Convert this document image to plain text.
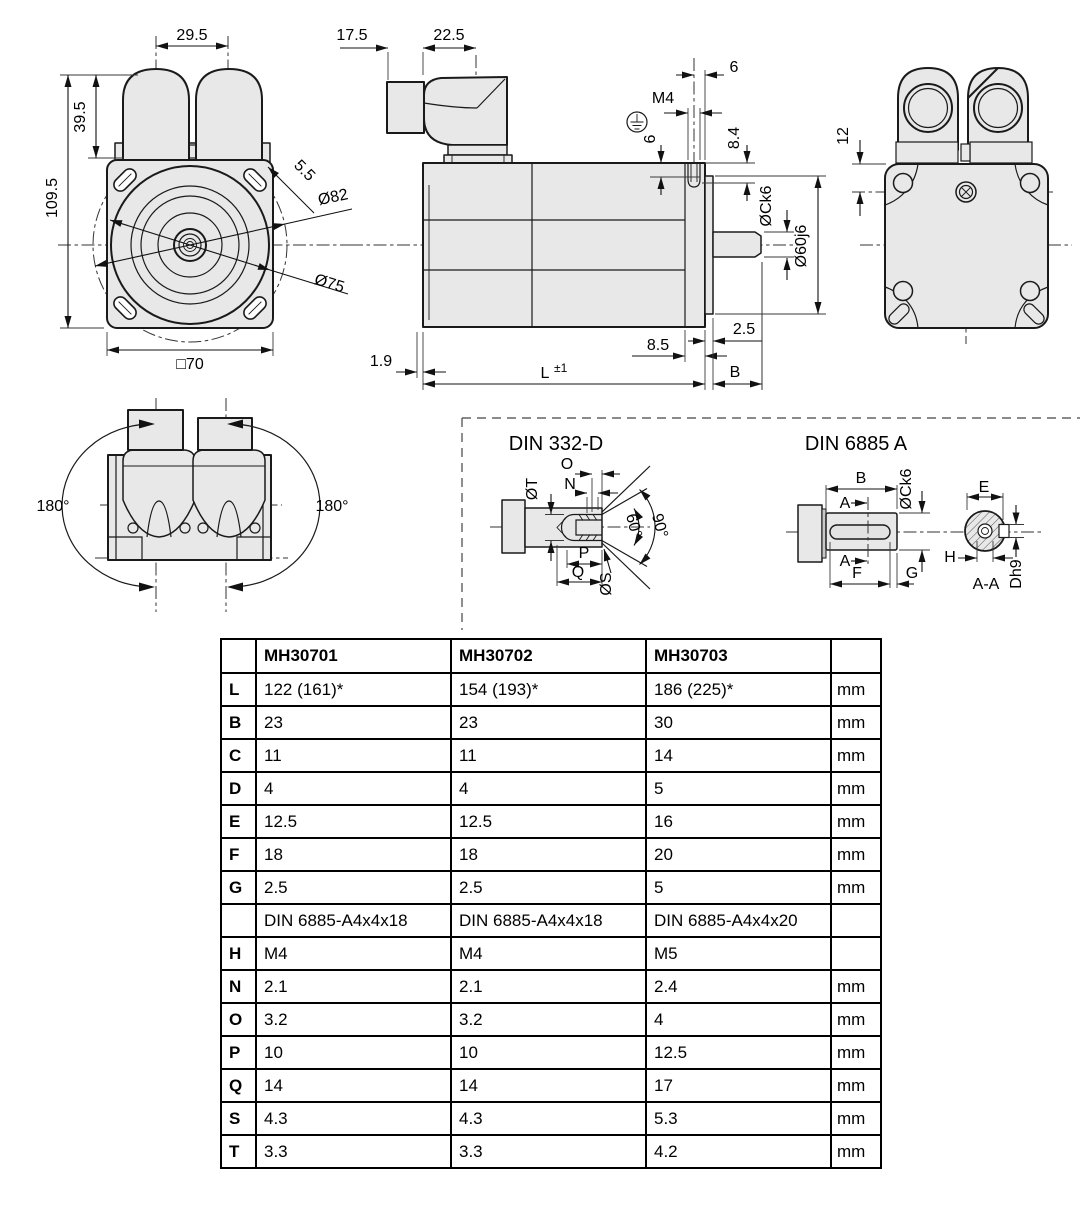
29.5
39.5
109.5
5.5
Ø82
Ø75
□70
17.5	22.5
6
M4
6	8.4
ØCk6
Ø60j6
2.5
8.5
1.9
L ±1	B
12
180°	180°
DIN 332-D
60° 90°
ØT
O
N
P
Q ØS
DIN 6885 A
A
A
B ØCk6
F	G
E
H
Dh9
A-A
	MH30701	MH30702	MH30703	
L	122 (161)*	154 (193)*	186 (225)*	mm
B	23	23	30	mm
C	11	11	14	mm
D	4	4	5	mm
E	12.5	12.5	16	mm
F	18	18	20	mm
G	2.5	2.5	5	mm
	DIN 6885-A4x4x18	DIN 6885-A4x4x18	DIN 6885-A4x4x20	
H	M4	M4	M5	
N	2.1	2.1	2.4	mm
O	3.2	3.2	4	mm
P	10	10	12.5	mm
Q	14	14	17	mm
S	4.3	4.3	5.3	mm
T	3.3	3.3	4.2	mm
